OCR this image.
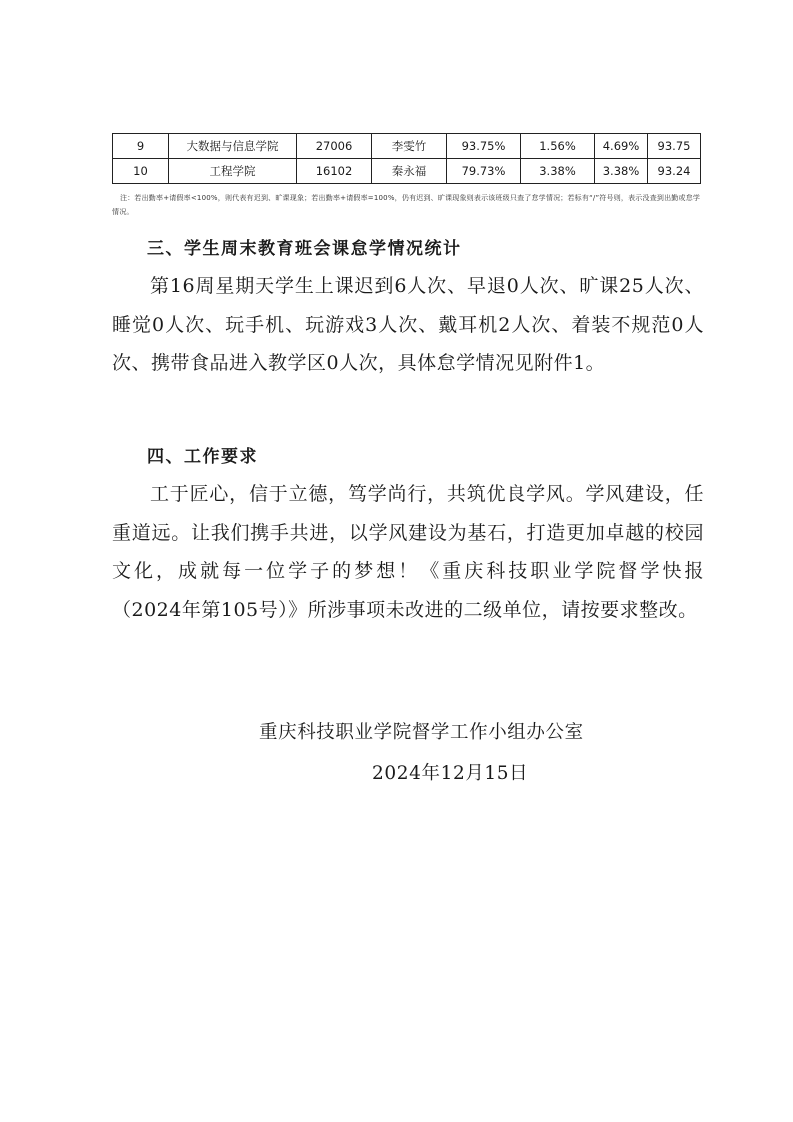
9	大数据与信息学院	27006	李雯竹	93.75%	1.56%	4.69%	93.75
10	工程学院	16102	秦永福	79.73%	3.38%	3.38%	93.24

注：若出勤率+请假率<100%，则代表有迟到、旷课现象；若出勤率+请假率=100%，仍有迟到、旷课现象则表示该班级只查了怠学情况；若标有“/”符号则，表示没查到出勤或怠学情况。

三、学生周末教育班会课怠学情况统计

第16周星期天学生上课迟到6人次、早退0人次、旷课25人次、睡觉0人次、玩手机、玩游戏3人次、戴耳机2人次、着装不规范0人次、携带食品进入教学区0人次，具体怠学情况见附件1。

四、工作要求

工于匠心，信于立德，笃学尚行，共筑优良学风。学风建设，任重道远。让我们携手共进，以学风建设为基石，打造更加卓越的校园文化，成就每一位学子的梦想！《重庆科技职业学院督学快报（2024年第105号）》所涉事项未改进的二级单位，请按要求整改。

重庆科技职业学院督学工作小组办公室

2024年12月15日
